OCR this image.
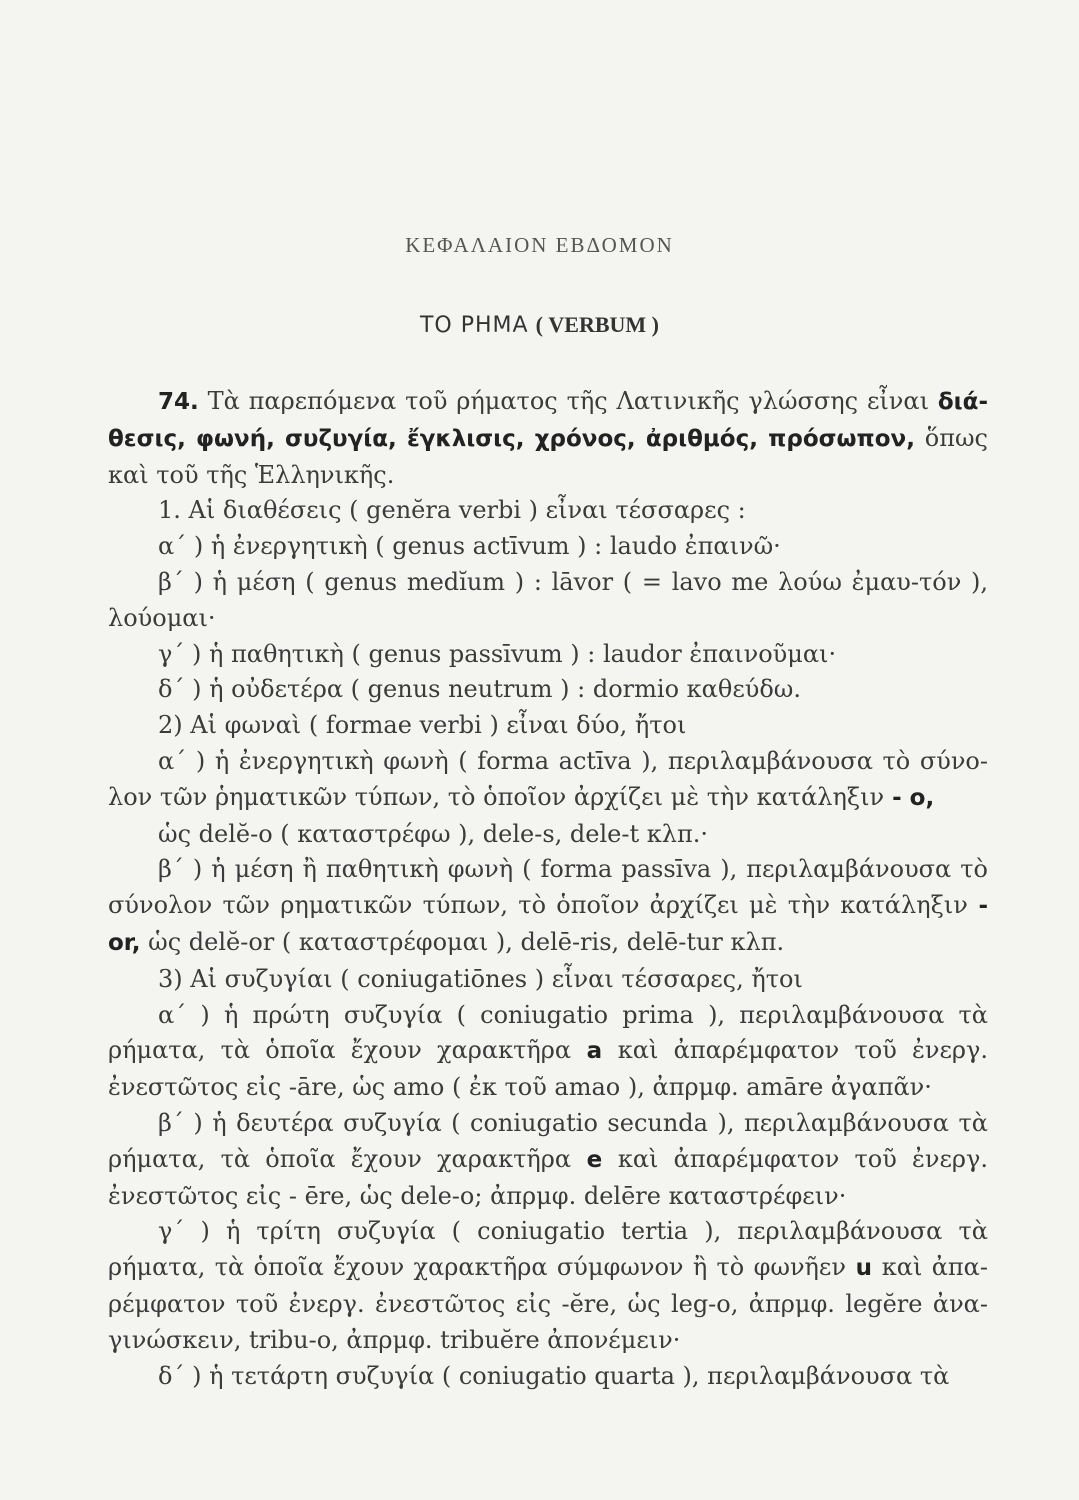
ΚΕΦΑΛΑΙΟΝ ΕΒΔΟΜΟΝ
ΤΟ ΡΗΜΑ ( VERBUM )

74. Τὰ παρεπόμενα τοῦ ρήματος τῆς Λατινικῆς γλώσσης εἶναι διά-θεσις, φωνή, συζυγία, ἔγκλισις, χρόνος, ἀριθμός, πρόσωπον, ὅπως καὶ τοῦ τῆς Ἑλληνικῆς.

1. Αἱ διαθέσεις ( genĕra verbi ) εἶναι τέσσαρες :

α΄ ) ἡ ἐνεργητικὴ ( genus actīvum ) : laudo ἐπαινῶ·

β΄ ) ἡ μέση ( genus medĭum ) : lāvor ( = lavo me λούω ἐμαυ-τόν ), λούομαι·

γ΄ ) ἡ παθητικὴ ( genus passīvum ) : laudor ἐπαινοῦμαι·

δ΄ ) ἡ οὐδετέρα ( genus neutrum ) : dormio καθεύδω.

2) Αἱ φωναὶ ( formae verbi ) εἶναι δύο, ἤτοι

α΄ ) ἡ ἐνεργητικὴ φωνὴ ( forma actīva ), περιλαμβάνουσα τὸ σύνο-λον τῶν ῥηματικῶν τύπων, τὸ ὁποῖον ἀρχίζει μὲ τὴν κατάληξιν - o,

ὡς delĕ-o ( καταστρέφω ), dele-s, dele-t κλπ.·

β΄ ) ἡ μέση ἢ παθητικὴ φωνὴ ( forma passīva ), περιλαμβάνουσα τὸ σύνολον τῶν ρηματικῶν τύπων, τὸ ὁποῖον ἀρχίζει μὲ τὴν κατάληξιν - or, ὡς delĕ-or ( καταστρέφομαι ), delē-ris, delē-tur κλπ.

3) Αἱ συζυγίαι ( coniugatiōnes ) εἶναι τέσσαρες, ἤτοι

α΄ ) ἡ πρώτη συζυγία ( coniugatio prima ), περιλαμβάνουσα τὰ ρήματα, τὰ ὁποῖα ἔχουν χαρακτῆρα a καὶ ἀπαρέμφατον τοῦ ἐνεργ. ἐνεστῶτος εἰς -āre, ὡς amo ( ἐκ τοῦ amao ), ἀπρμφ. amāre ἀγαπᾶν·

β΄ ) ἡ δευτέρα συζυγία ( coniugatio secunda ), περιλαμβάνουσα τὰ ρήματα, τὰ ὁποῖα ἔχουν χαρακτῆρα e καὶ ἀπαρέμφατον τοῦ ἐνεργ. ἐνεστῶτος εἰς - ēre, ὡς dele-o; ἀπρμφ. delēre καταστρέφειν·

γ΄ ) ἡ τρίτη συζυγία ( coniugatio tertia ), περιλαμβάνουσα τὰ ρήματα, τὰ ὁποῖα ἔχουν χαρακτῆρα σύμφωνον ἢ τὸ φωνῆεν u καὶ ἀπα-ρέμφατον τοῦ ἐνεργ. ἐνεστῶτος εἰς -ĕre, ὡς leg-o, ἀπρμφ. legĕre ἀνα-γινώσκειν, tribu-o, ἀπρμφ. tribuĕre ἀπονέμειν·

δ΄ ) ἡ τετάρτη συζυγία ( coniugatio quarta ), περιλαμβάνουσα τὰ
